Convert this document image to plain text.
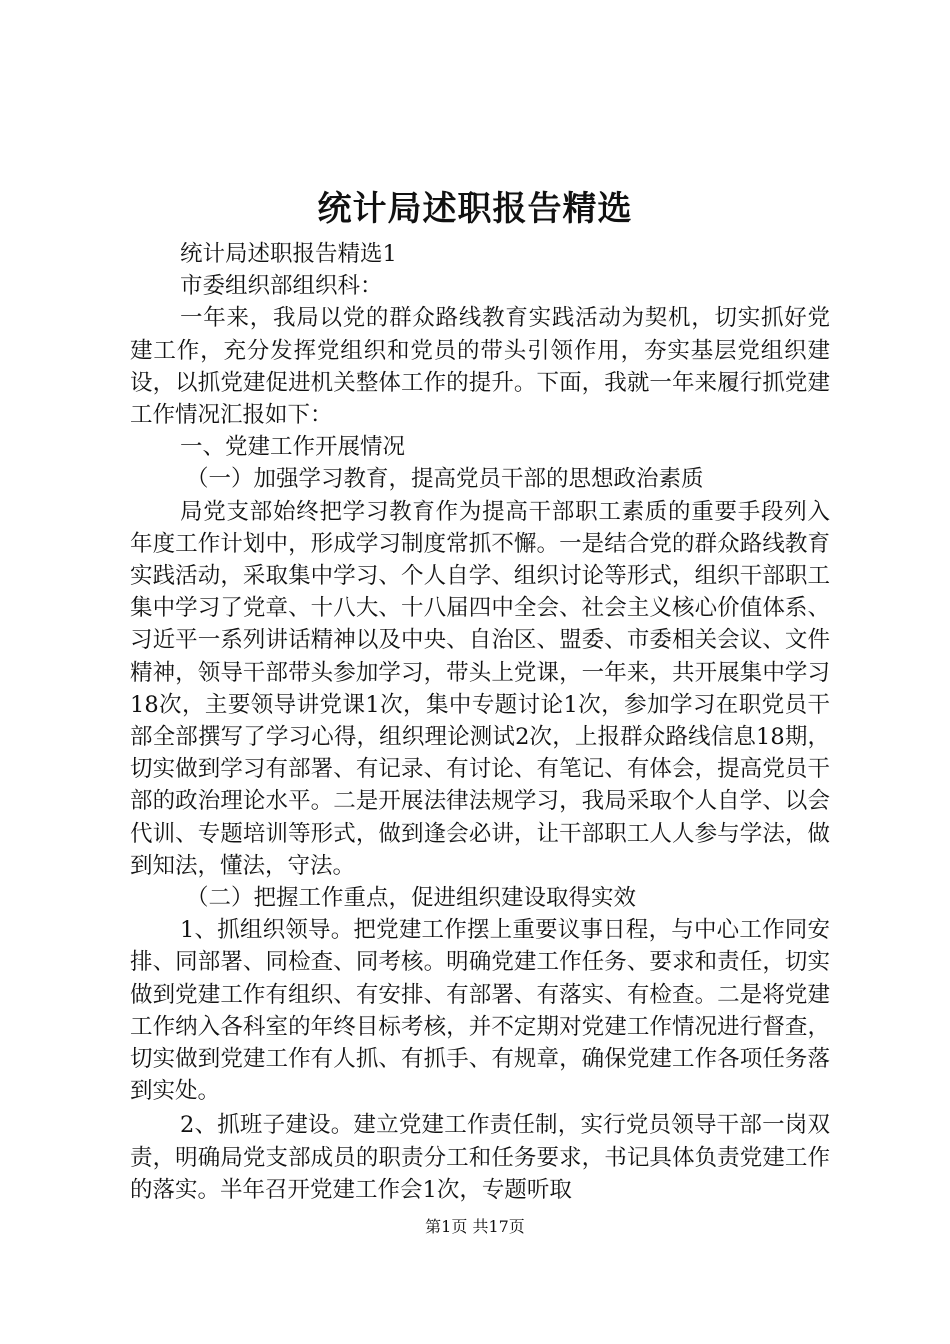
统计局述职报告精选

统计局述职报告精选1

市委组织部组织科：

一年来，我局以党的群众路线教育实践活动为契机，切实抓好党建工作，充分发挥党组织和党员的带头引领作用，夯实基层党组织建设，以抓党建促进机关整体工作的提升。下面，我就一年来履行抓党建工作情况汇报如下：

一、党建工作开展情况

（一）加强学习教育，提高党员干部的思想政治素质

局党支部始终把学习教育作为提高干部职工素质的重要手段列入年度工作计划中，形成学习制度常抓不懈。一是结合党的群众路线教育实践活动，采取集中学习、个人自学、组织讨论等形式，组织干部职工集中学习了党章、十八大、十八届四中全会、社会主义核心价值体系、习近平一系列讲话精神以及中央、自治区、盟委、市委相关会议、文件精神，领导干部带头参加学习，带头上党课，一年来，共开展集中学习18次，主要领导讲党课1次，集中专题讨论1次，参加学习在职党员干部全部撰写了学习心得，组织理论测试2次，上报群众路线信息18期，切实做到学习有部署、有记录、有讨论、有笔记、有体会，提高党员干部的政治理论水平。二是开展法律法规学习，我局采取个人自学、以会代训、专题培训等形式，做到逢会必讲，让干部职工人人参与学法，做到知法，懂法，守法。

（二）把握工作重点，促进组织建设取得实效

1、抓组织领导。把党建工作摆上重要议事日程，与中心工作同安排、同部署、同检查、同考核。明确党建工作任务、要求和责任，切实做到党建工作有组织、有安排、有部署、有落实、有检查。二是将党建工作纳入各科室的年终目标考核，并不定期对党建工作情况进行督查，切实做到党建工作有人抓、有抓手、有规章，确保党建工作各项任务落到实处。

2、抓班子建设。建立党建工作责任制，实行党员领导干部一岗双责，明确局党支部成员的职责分工和任务要求，书记具体负责党建工作的落实。半年召开党建工作会1次，专题听取

第1页 共17页
